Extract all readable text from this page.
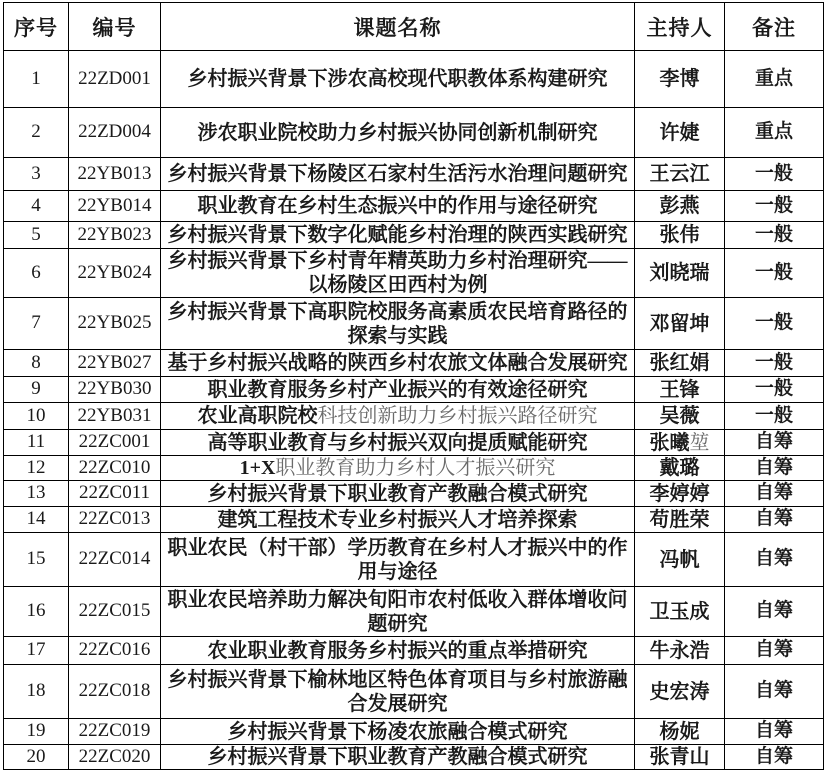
序号	编号	课题名称	主持人	备注
1	22ZD001	乡村振兴背景下涉农高校现代职教体系构建研究	李博	重点
2	22ZD004	涉农职业院校助力乡村振兴协同创新机制研究	许婕	重点
3	22YB013	乡村振兴背景下杨陵区石家村生活污水治理问题研究	王云江	一般
4	22YB014	职业教育在乡村生态振兴中的作用与途径研究	彭燕	一般
5	22YB023	乡村振兴背景下数字化赋能乡村治理的陕西实践研究	张伟	一般
6	22YB024	乡村振兴背景下乡村青年精英助力乡村治理研究——
以杨陵区田西村为例	刘晓瑞	一般
7	22YB025	乡村振兴背景下高职院校服务高素质农民培育路径的
探索与实践	邓留坤	一般
8	22YB027	基于乡村振兴战略的陕西乡村农旅文体融合发展研究	张红娟	一般
9	22YB030	职业教育服务乡村产业振兴的有效途径研究	王锋	一般
10	22YB031	农业高职院校科技创新助力乡村振兴路径研究	吴薇	一般
11	22ZC001	高等职业教育与乡村振兴双向提质赋能研究	张曦堃	自筹
12	22ZC010	1+X职业教育助力乡村人才振兴研究	戴璐	自筹
13	22ZC011	乡村振兴背景下职业教育产教融合模式研究	李婷婷	自筹
14	22ZC013	建筑工程技术专业乡村振兴人才培养探索	苟胜荣	自筹
15	22ZC014	职业农民（村干部）学历教育在乡村人才振兴中的作
用与途径	冯帆	自筹
16	22ZC015	职业农民培养助力解决旬阳市农村低收入群体增收问
题研究	卫玉成	自筹
17	22ZC016	农业职业教育服务乡村振兴的重点举措研究	牛永浩	自筹
18	22ZC018	乡村振兴背景下榆林地区特色体育项目与乡村旅游融
合发展研究	史宏涛	自筹
19	22ZC019	乡村振兴背景下杨凌农旅融合模式研究	杨妮	自筹
20	22ZC020	乡村振兴背景下职业教育产教融合模式研究	张青山	自筹
